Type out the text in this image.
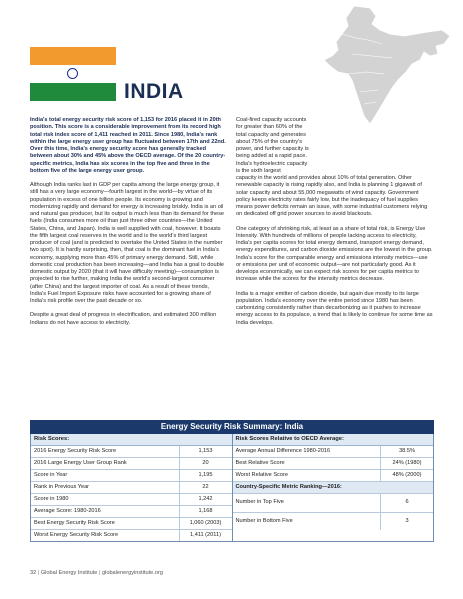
INDIA

India's total energy security risk score of 1,153 for 2016 placed it in 20th position. This score is a considerable improvement from its record high total risk index score of 1,411 reached in 2011. Since 1980, India's rank within the large energy user group has fluctuated between 17th and 22nd. Over this time, India's energy security score has generally tracked between about 30% and 45% above the OECD average. Of the 20 country-specific metrics, India has six scores in the top five and three in the bottom five of the large energy user group.

Although India ranks last in GDP per capita among the large energy group, it still has a very large economy—fourth largest in the world—by virtue of its population in excess of one billion people. Its economy is growing and modernizing rapidly and demand for energy is increasing briskly. India is an oil and natural gas producer, but its output is much less than its demand for these fuels (India consumes more oil than just three other countries—the United States, China, and Japan). India is well supplied with coal, however. It boasts the fifth largest coal reserves in the world and is the world's third largest producer of coal (and is predicted to overtake the United States in the number two spot). It is hardly surprising, then, that coal is the dominant fuel in India's economy, supplying more than 45% of primary energy demand. Still, while domestic coal production has been increasing—and India has a goal to double domestic output by 2020 (that it will have difficulty meeting)—consumption is projected to rise further, making India the world's second-largest consumer (after China) and the largest importer of coal. As a result of these trends, India's Fuel Import Exposure risks have accounted for a growing share of India's risk profile over the past decade or so.

Despite a great deal of progress in electrification, and estimated 300 million Indians do not have access to electricity.

Coal-fired capacity accounts for greater than 60% of the total capacity and generates about 75% of the country's power, and further capacity is being added at a rapid pace. India's hydroelectric capacity is the sixth largest

capacity in the world and provides about 10% of total generation. Other renewable capacity is rising rapidly also, and India is planning 1 gigawatt of solar capacity and about 55,000 megawatts of wind capacity. Government policy keeps electricity rates fairly low, but the inadequacy of fuel supplies means power deficits remain an issue, with some industrial customers relying on dedicated off grid power sources to avoid blackouts.

One category of shrinking risk, at least as a share of total risk, is Energy Use Intensity. With hundreds of millions of people lacking access to electricity, India's per capita scores for total energy demand, transport energy demand, energy expenditures, and carbon dioxide emissions are the lowest in the group. India's score for the comparable energy and emissions intensity metrics—use or emissions per unit of economic output—are not particularly good. As it develops economically, we can expect risk scores for per capita metrics to increase while the scores for the intensity metrics decrease.

India is a major emitter of carbon dioxide, but again due mostly to its large population. India's economy over the entire period since 1980 has been carbonizing consistently rather than decarbonizing as it pushes to increase energy access to its populace, a trend that is likely to continue for some time as India develops.

Energy Security Risk Summary: India
Risk Scores:
2016 Energy Security Risk Score	1,153
2016 Large Energy User Group Rank	20
Score in Year	1,195
Rank in Previous Year	22
Score in 1980	1,242
Average Score: 1980-2016	1,168
Best Energy Security Risk Score	1,060 (2003)
Worst Energy Security Risk Score	1,411 (2011)
Risk Scores Relative to OECD Average:
Average Annual Difference 1980-2016	38.5%
Best Relative Score	24% (1980)
Worst Relative Score	48% (2000)
Country-Specific Metric Ranking—2016:
Number in Top Five	6
Number in Bottom Five	3
32 | Global Energy Institute | globalenergyinstitute.org
